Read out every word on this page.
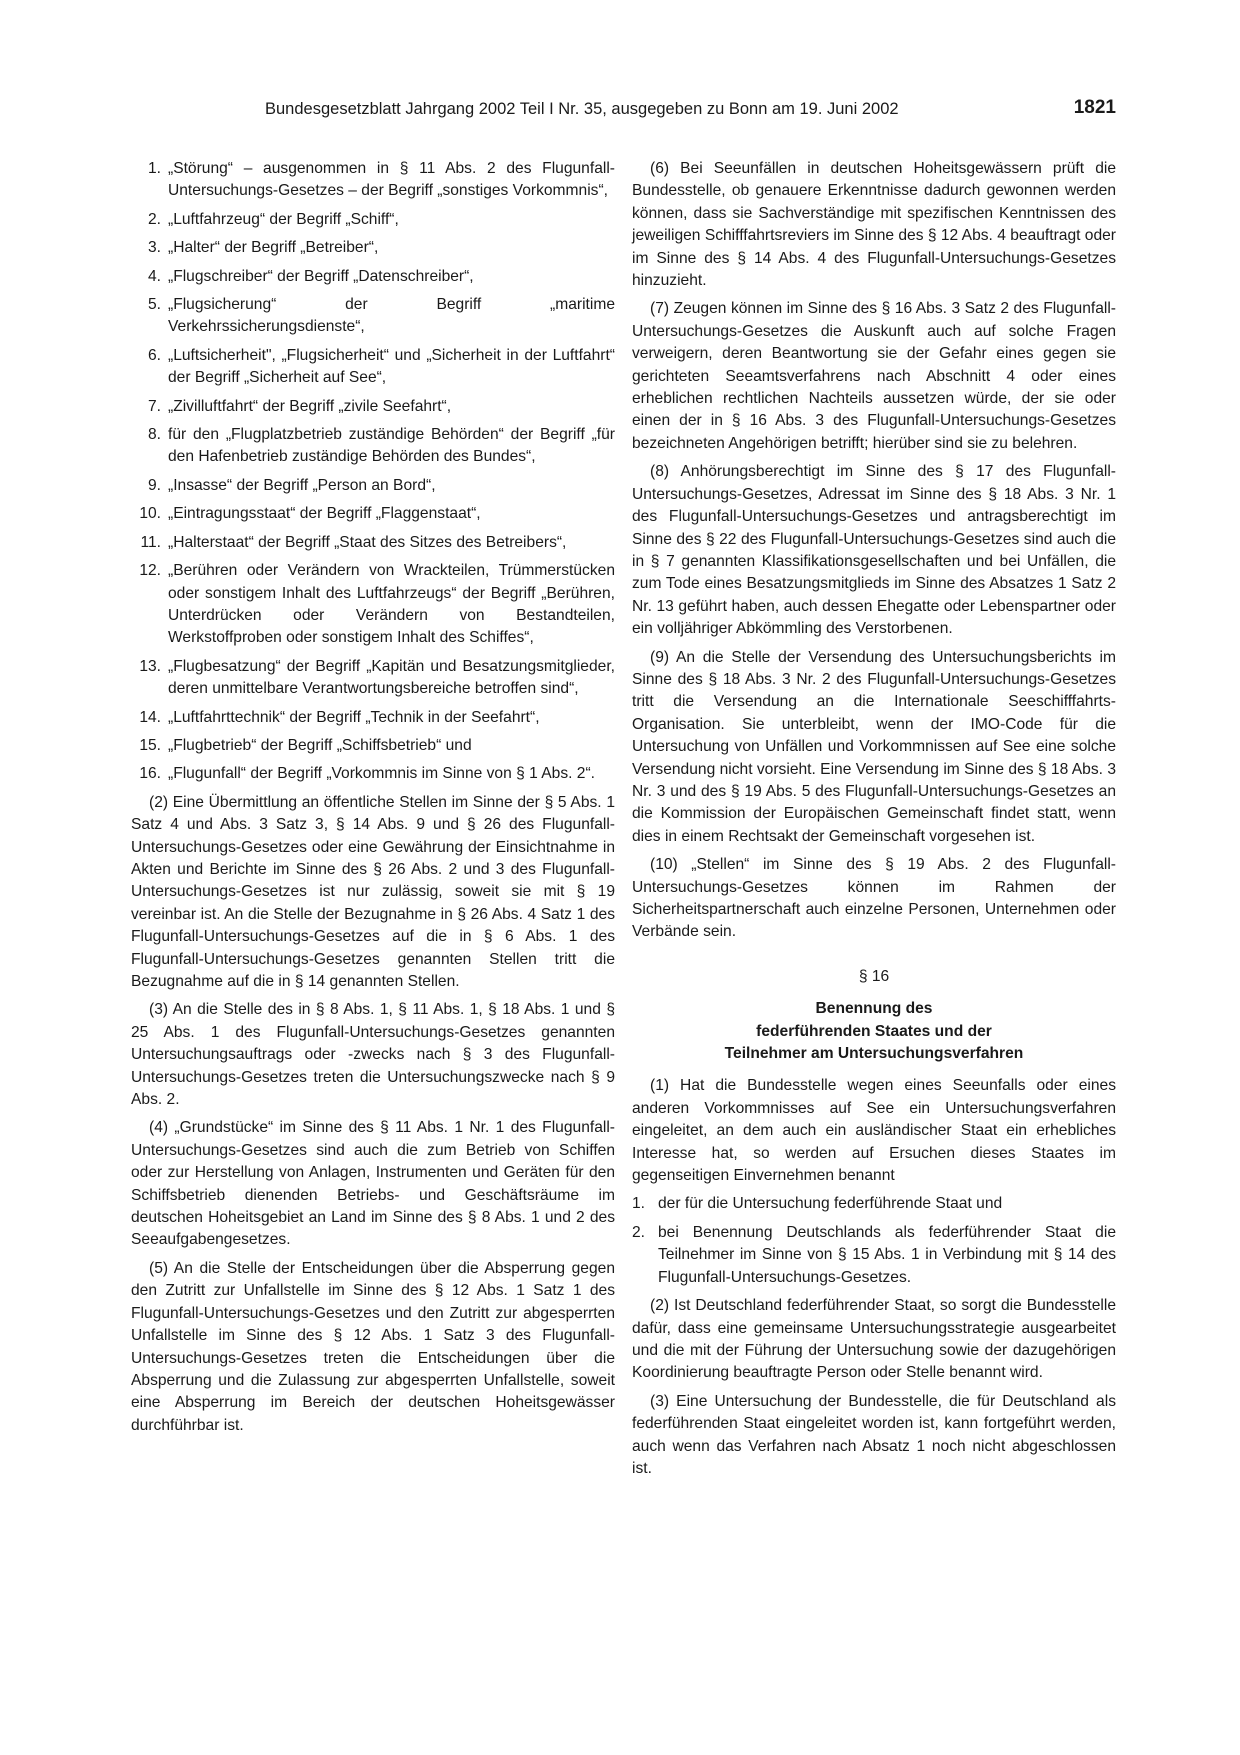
Bundesgesetzblatt Jahrgang 2002 Teil I Nr. 35, ausgegeben zu Bonn am 19. Juni 2002	1821
1. „Störung“ – ausgenommen in § 11 Abs. 2 des Flugunfall-Untersuchungs-Gesetzes – der Begriff „sonstiges Vorkommnis“,
2. „Luftfahrzeug“ der Begriff „Schiff“,
3. „Halter“ der Begriff „Betreiber“,
4. „Flugschreiber“ der Begriff „Datenschreiber“,
5. „Flugsicherung“ der Begriff „maritime Verkehrssicherungsdienste“,
6. „Luftsicherheit", „Flugsicherheit“ und „Sicherheit in der Luftfahrt“ der Begriff „Sicherheit auf See“,
7. „Zivilluftfahrt“ der Begriff „zivile Seefahrt“,
8. für den „Flugplatzbetrieb zuständige Behörden“ der Begriff „für den Hafenbetrieb zuständige Behörden des Bundes“,
9. „Insasse“ der Begriff „Person an Bord“,
10. „Eintragungsstaat“ der Begriff „Flaggenstaat“,
11. „Halterstaat“ der Begriff „Staat des Sitzes des Betreibers“,
12. „Berühren oder Verändern von Wrackteilen, Trümmerstücken oder sonstigem Inhalt des Luftfahrzeugs“ der Begriff „Berühren, Unterdrücken oder Verändern von Bestandteilen, Werkstoffproben oder sonstigem Inhalt des Schiffes“,
13. „Flugbesatzung“ der Begriff „Kapitän und Besatzungsmitglieder, deren unmittelbare Verantwortungsbereiche betroffen sind“,
14. „Luftfahrttechnik“ der Begriff „Technik in der Seefahrt“,
15. „Flugbetrieb“ der Begriff „Schiffsbetrieb“ und
16. „Flugunfall“ der Begriff „Vorkommnis im Sinne von § 1 Abs. 2“.

(2) Eine Übermittlung an öffentliche Stellen im Sinne der § 5 Abs. 1 Satz 4 und Abs. 3 Satz 3, § 14 Abs. 9 und § 26 des Flugunfall-Untersuchungs-Gesetzes oder eine Gewährung der Einsichtnahme in Akten und Berichte im Sinne des § 26 Abs. 2 und 3 des Flugunfall-Untersuchungs-Gesetzes ist nur zulässig, soweit sie mit § 19 vereinbar ist. An die Stelle der Bezugnahme in § 26 Abs. 4 Satz 1 des Flugunfall-Untersuchungs-Gesetzes auf die in § 6 Abs. 1 des Flugunfall-Untersuchungs-Gesetzes genannten Stellen tritt die Bezugnahme auf die in § 14 genannten Stellen.

(3) An die Stelle des in § 8 Abs. 1, § 11 Abs. 1, § 18 Abs. 1 und § 25 Abs. 1 des Flugunfall-Untersuchungs-Gesetzes genannten Untersuchungsauftrags oder -zwecks nach § 3 des Flugunfall-Untersuchungs-Gesetzes treten die Untersuchungszwecke nach § 9 Abs. 2.

(4) „Grundstücke“ im Sinne des § 11 Abs. 1 Nr. 1 des Flugunfall-Untersuchungs-Gesetzes sind auch die zum Betrieb von Schiffen oder zur Herstellung von Anlagen, Instrumenten und Geräten für den Schiffsbetrieb dienenden Betriebs- und Geschäftsräume im deutschen Hoheitsgebiet an Land im Sinne des § 8 Abs. 1 und 2 des Seeaufgabengesetzes.

(5) An die Stelle der Entscheidungen über die Absperrung gegen den Zutritt zur Unfallstelle im Sinne des § 12 Abs. 1 Satz 1 des Flugunfall-Untersuchungs-Gesetzes und den Zutritt zur abgesperrten Unfallstelle im Sinne des § 12 Abs. 1 Satz 3 des Flugunfall-Untersuchungs-Gesetzes treten die Entscheidungen über die Absperrung und die Zulassung zur abgesperrten Unfallstelle, soweit eine Absperrung im Bereich der deutschen Hoheitsgewässer durchführbar ist.

(6) Bei Seeunfällen in deutschen Hoheitsgewässern prüft die Bundesstelle, ob genauere Erkenntnisse dadurch gewonnen werden können, dass sie Sachverständige mit spezifischen Kenntnissen des jeweiligen Schifffahrtsreviers im Sinne des § 12 Abs. 4 beauftragt oder im Sinne des § 14 Abs. 4 des Flugunfall-Untersuchungs-Gesetzes hinzuzieht.

(7) Zeugen können im Sinne des § 16 Abs. 3 Satz 2 des Flugunfall-Untersuchungs-Gesetzes die Auskunft auch auf solche Fragen verweigern, deren Beantwortung sie der Gefahr eines gegen sie gerichteten Seeamtsverfahrens nach Abschnitt 4 oder eines erheblichen rechtlichen Nachteils aussetzen würde, der sie oder einen der in § 16 Abs. 3 des Flugunfall-Untersuchungs-Gesetzes bezeichneten Angehörigen betrifft; hierüber sind sie zu belehren.

(8) Anhörungsberechtigt im Sinne des § 17 des Flugunfall-Untersuchungs-Gesetzes, Adressat im Sinne des § 18 Abs. 3 Nr. 1 des Flugunfall-Untersuchungs-Gesetzes und antragsberechtigt im Sinne des § 22 des Flugunfall-Untersuchungs-Gesetzes sind auch die in § 7 genannten Klassifikationsgesellschaften und bei Unfällen, die zum Tode eines Besatzungsmitglieds im Sinne des Absatzes 1 Satz 2 Nr. 13 geführt haben, auch dessen Ehegatte oder Lebenspartner oder ein volljähriger Abkömmling des Verstorbenen.

(9) An die Stelle der Versendung des Untersuchungsberichts im Sinne des § 18 Abs. 3 Nr. 2 des Flugunfall-Untersuchungs-Gesetzes tritt die Versendung an die Internationale Seeschifffahrts-Organisation. Sie unterbleibt, wenn der IMO-Code für die Untersuchung von Unfällen und Vorkommnissen auf See eine solche Versendung nicht vorsieht. Eine Versendung im Sinne des § 18 Abs. 3 Nr. 3 und des § 19 Abs. 5 des Flugunfall-Untersuchungs-Gesetzes an die Kommission der Europäischen Gemeinschaft findet statt, wenn dies in einem Rechtsakt der Gemeinschaft vorgesehen ist.

(10) „Stellen“ im Sinne des § 19 Abs. 2 des Flugunfall-Untersuchungs-Gesetzes können im Rahmen der Sicherheitspartnerschaft auch einzelne Personen, Unternehmen oder Verbände sein.

§ 16

Benennung des
federführenden Staates und der
Teilnehmer am Untersuchungsverfahren

(1) Hat die Bundesstelle wegen eines Seeunfalls oder eines anderen Vorkommnisses auf See ein Untersuchungsverfahren eingeleitet, an dem auch ein ausländischer Staat ein erhebliches Interesse hat, so werden auf Ersuchen dieses Staates im gegenseitigen Einvernehmen benannt

1. der für die Untersuchung federführende Staat und
2. bei Benennung Deutschlands als federführender Staat die Teilnehmer im Sinne von § 15 Abs. 1 in Verbindung mit § 14 des Flugunfall-Untersuchungs-Gesetzes.

(2) Ist Deutschland federführender Staat, so sorgt die Bundesstelle dafür, dass eine gemeinsame Untersuchungsstrategie ausgearbeitet und die mit der Führung der Untersuchung sowie der dazugehörigen Koordinierung beauftragte Person oder Stelle benannt wird.

(3) Eine Untersuchung der Bundesstelle, die für Deutschland als federführenden Staat eingeleitet worden ist, kann fortgeführt werden, auch wenn das Verfahren nach Absatz 1 noch nicht abgeschlossen ist.
